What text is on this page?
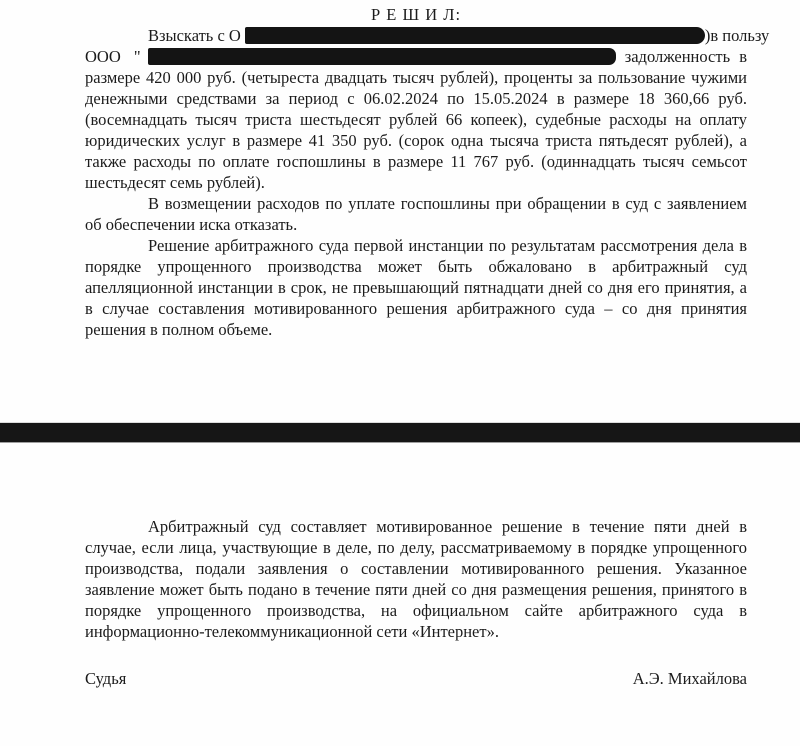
Р Е Ш И Л:
Взыскать с О	) в пользу
ООО "	задолженность в

размере 420 000 руб. (четыреста двадцать тысяч рублей), проценты за пользование чужими денежными средствами за период с 06.02.2024 по 15.05.2024 в размере 18 360,66 руб. (восемнадцать тысяч триста шестьдесят рублей 66 копеек), судебные расходы на оплату юридических услуг в размере 41 350 руб. (сорок одна тысяча триста пятьдесят рублей), а также расходы по оплате госпошлины в размере 11 767 руб. (одиннадцать тысяч семьсот шестьдесят семь рублей).

В возмещении расходов по уплате госпошлины при обращении в суд с заявлением об обеспечении иска отказать.

Решение арбитражного суда первой инстанции по результатам рассмотрения дела в порядке упрощенного производства может быть обжаловано в арбитражный суд апелляционной инстанции в срок, не превышающий пятнадцати дней со дня его принятия, а в случае составления мотивированного решения арбитражного суда – со дня принятия решения в полном объеме.

Арбитражный суд составляет мотивированное решение в течение пяти дней в случае, если лица, участвующие в деле, по делу, рассматриваемому в порядке упрощенного производства, подали заявления о составлении мотивированного решения. Указанное заявление может быть подано в течение пяти дней со дня размещения решения, принятого в порядке упрощенного производства, на официальном сайте арбитражного суда в информационно-телекоммуникационной сети «Интернет».

Судья	А.Э. Михайлова
